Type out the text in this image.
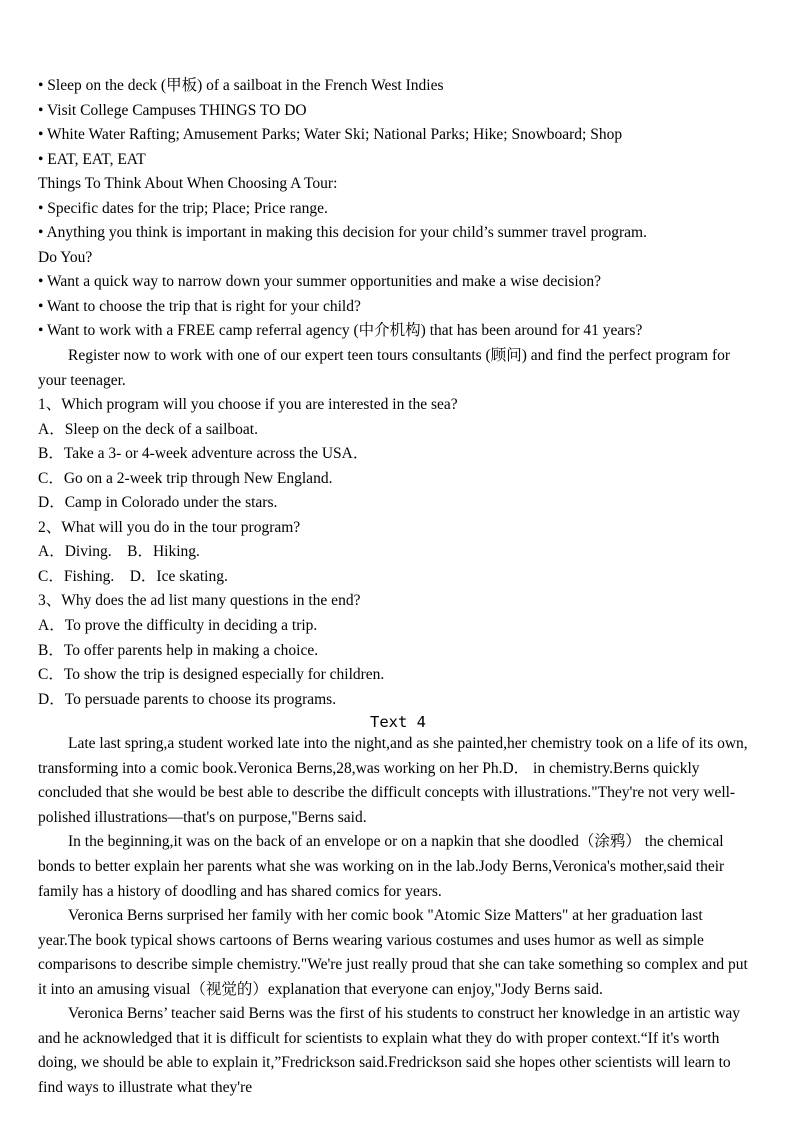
• Sleep on the deck (甲板) of a sailboat in the French West Indies
• Visit College Campuses THINGS TO DO
• White Water Rafting; Amusement Parks; Water Ski; National Parks; Hike; Snowboard; Shop
• EAT, EAT, EAT
Things To Think About When Choosing A Tour:
• Specific dates for the trip; Place; Price range.
• Anything you think is important in making this decision for your child’s summer travel program.
Do You?
• Want a quick way to narrow down your summer opportunities and make a wise decision?
• Want to choose the trip that is right for your child?
• Want to work with a FREE camp referral agency (中介机构) that has been around for 41 years?
Register now to work with one of our expert teen tours consultants (顾问) and find the perfect program for your teenager.
1、Which program will you choose if you are interested in the sea?
A．Sleep on the deck of a sailboat.
B．Take a 3- or 4-week adventure across the USA．
C．Go on a 2-week trip through New England.
D．Camp in Colorado under the stars.
2、What will you do in the tour program?
A．Diving.　B．Hiking.
C．Fishing.　D．Ice skating.
3、Why does the ad list many questions in the end?
A．To prove the difficulty in deciding a trip.
B．To offer parents help in making a choice.
C．To show the trip is designed especially for children.
D．To persuade parents to choose its programs.
Text 4

Late last spring,a student worked late into the night,and as she painted,her chemistry took on a life of its own, transforming into a comic book.Veronica Berns,28,was working on her Ph.D． in chemistry.Berns quickly concluded that she would be best able to describe the difficult concepts with illustrations."They're not very well-polished illustrations—that's on purpose,"Berns said.

In the beginning,it was on the back of an envelope or on a napkin that she doodled（涂鸦） the chemical bonds to better explain her parents what she was working on in the lab.Jody Berns,Veronica's mother,said their family has a history of doodling and has shared comics for years.

Veronica Berns surprised her family with her comic book "Atomic Size Matters" at her graduation last year.The book typical shows cartoons of Berns wearing various costumes and uses humor as well as simple comparisons to describe simple chemistry."We're just really proud that she can take something so complex and put it into an amusing visual（视觉的）explanation that everyone can enjoy,"Jody Berns said.

Veronica Berns’ teacher said Berns was the first of his students to construct her knowledge in an artistic way and he acknowledged that it is difficult for scientists to explain what they do with proper context.“If it's worth doing, we should be able to explain it,”Fredrickson said.Fredrickson said she hopes other scientists will learn to find ways to illustrate what they're
